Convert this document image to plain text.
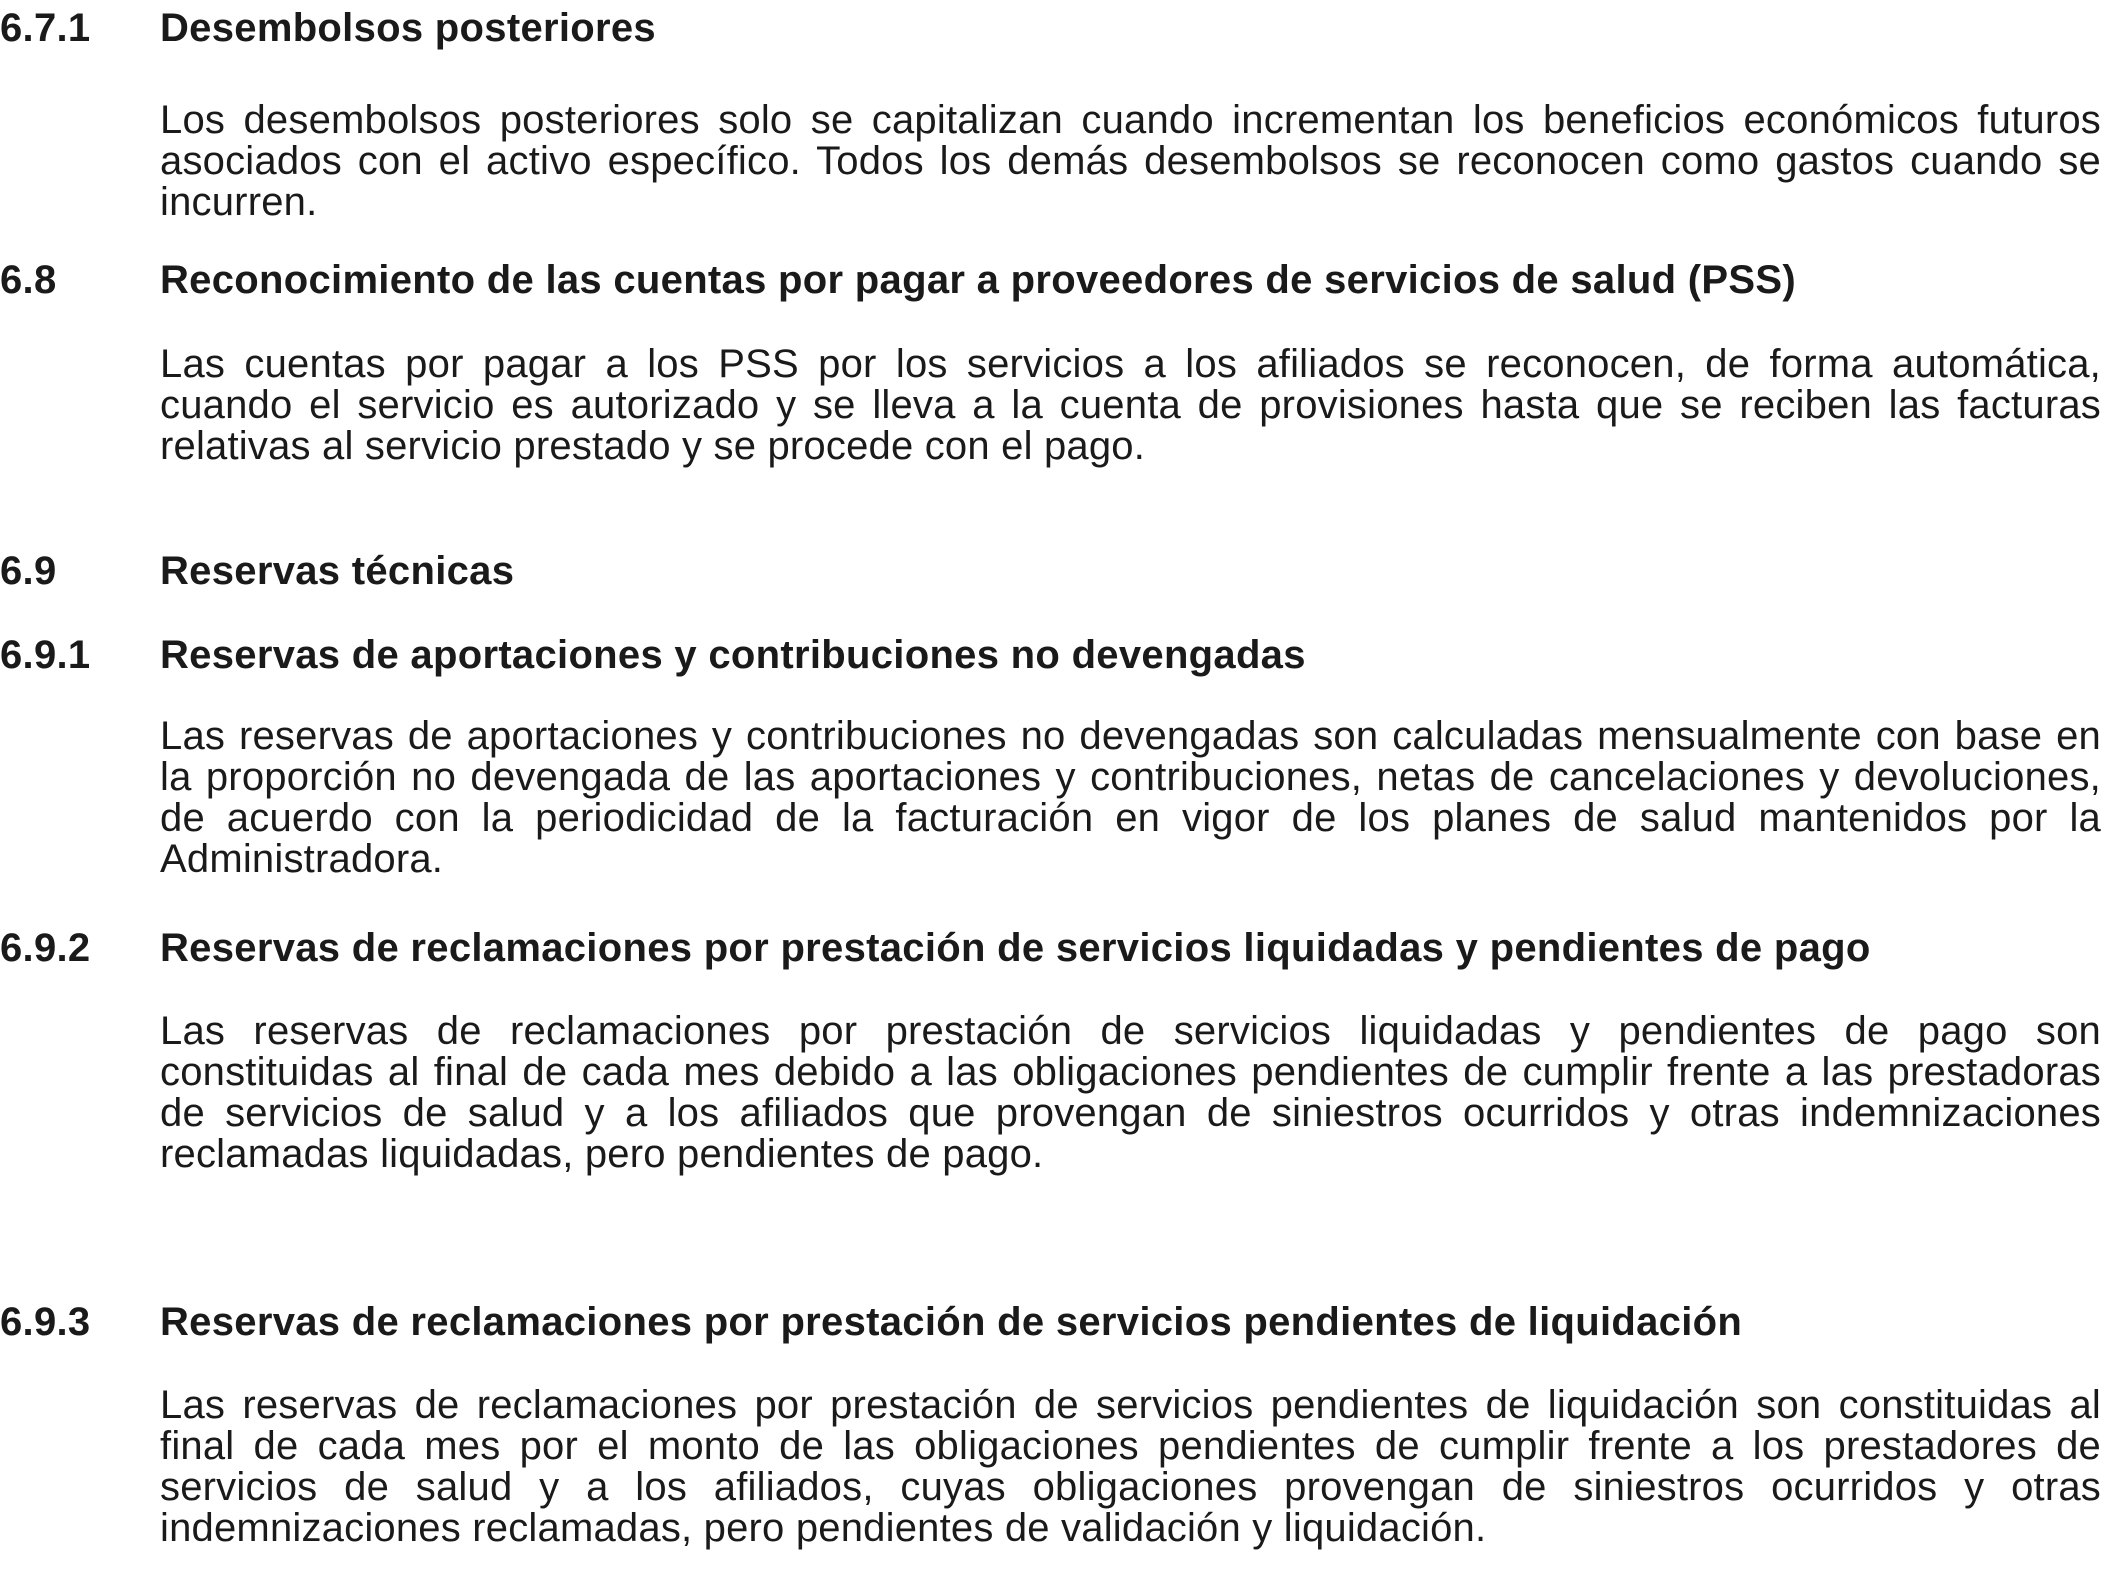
6.7.1	Desembolsos posteriores
Los desembolsos posteriores solo se capitalizan cuando incrementan los beneficios económicos futuros asociados con el activo específico. Todos los demás desembolsos se reconocen como gastos cuando se incurren.
6.8	Reconocimiento de las cuentas por pagar a proveedores de servicios de salud (PSS)
Las cuentas por pagar a los PSS por los servicios a los afiliados se reconocen, de forma automática, cuando el servicio es autorizado y se lleva a la cuenta de provisiones hasta que se reciben las facturas relativas al servicio prestado y se procede con el pago.
6.9	Reservas técnicas
6.9.1	Reservas de aportaciones y contribuciones no devengadas
Las reservas de aportaciones y contribuciones no devengadas son calculadas mensualmente con base en la proporción no devengada de las aportaciones y contribuciones, netas de cancelaciones y devoluciones, de acuerdo con la periodicidad de la facturación en vigor de los planes de salud mantenidos por la Administradora.
6.9.2	Reservas de reclamaciones por prestación de servicios liquidadas y pendientes de pago
Las reservas de reclamaciones por prestación de servicios liquidadas y pendientes de pago son constituidas al final de cada mes debido a las obligaciones pendientes de cumplir frente a las prestadoras de servicios de salud y a los afiliados que provengan de siniestros ocurridos y otras indemnizaciones reclamadas liquidadas, pero pendientes de pago.
6.9.3	Reservas de reclamaciones por prestación de servicios pendientes de liquidación
Las reservas de reclamaciones por prestación de servicios pendientes de liquidación son constituidas al final de cada mes por el monto de las obligaciones pendientes de cumplir frente a los prestadores de servicios de salud y a los afiliados, cuyas obligaciones provengan de siniestros ocurridos y otras indemnizaciones reclamadas, pero pendientes de validación y liquidación.
